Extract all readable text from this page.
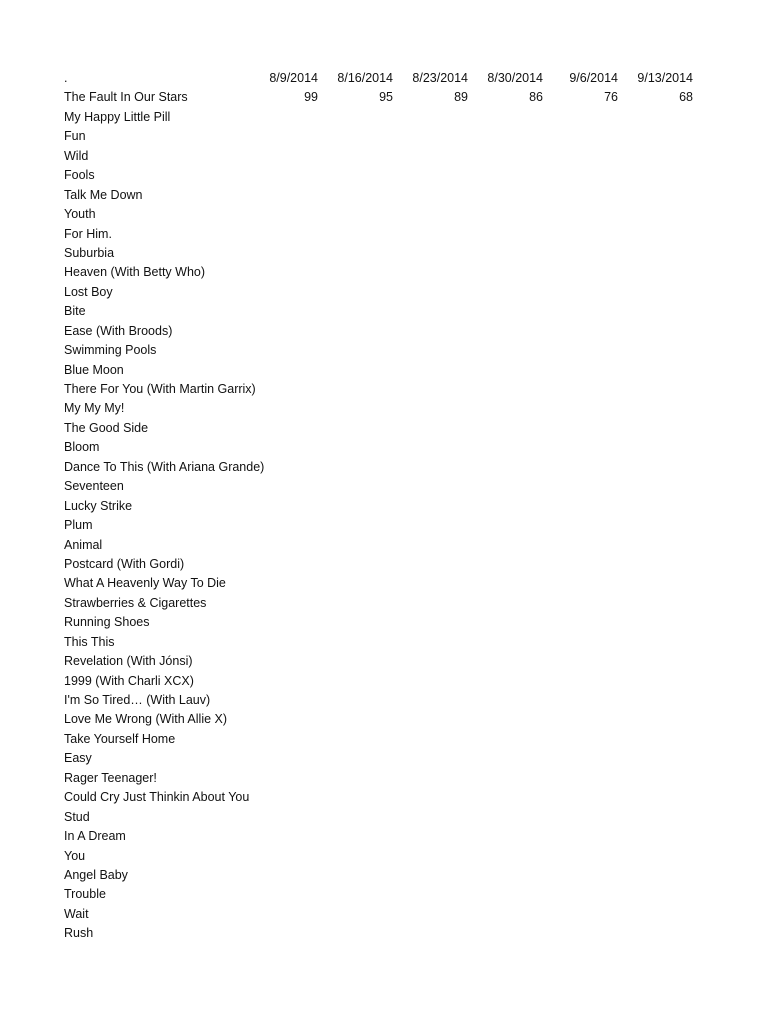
.	8/9/2014	8/16/2014	8/23/2014	8/30/2014	9/6/2014	9/13/2014
The Fault In Our Stars	99	95	89	86	76	68
My Happy Little Pill
Fun
Wild
Fools
Talk Me Down
Youth
For Him.
Suburbia
Heaven (With Betty Who)
Lost Boy
Bite
Ease (With Broods)
Swimming Pools
Blue Moon
There For You (With Martin Garrix)
My My My!
The Good Side
Bloom
Dance To This (With Ariana Grande)
Seventeen
Lucky Strike
Plum
Animal
Postcard (With Gordi)
What A Heavenly Way To Die
Strawberries & Cigarettes
Running Shoes
This This
Revelation (With Jónsi)
1999 (With Charli XCX)
I'm So Tired… (With Lauv)
Love Me Wrong (With Allie X)
Take Yourself Home
Easy
Rager Teenager!
Could Cry Just Thinkin About You
Stud
In A Dream
You
Angel Baby
Trouble
Wait
Rush
